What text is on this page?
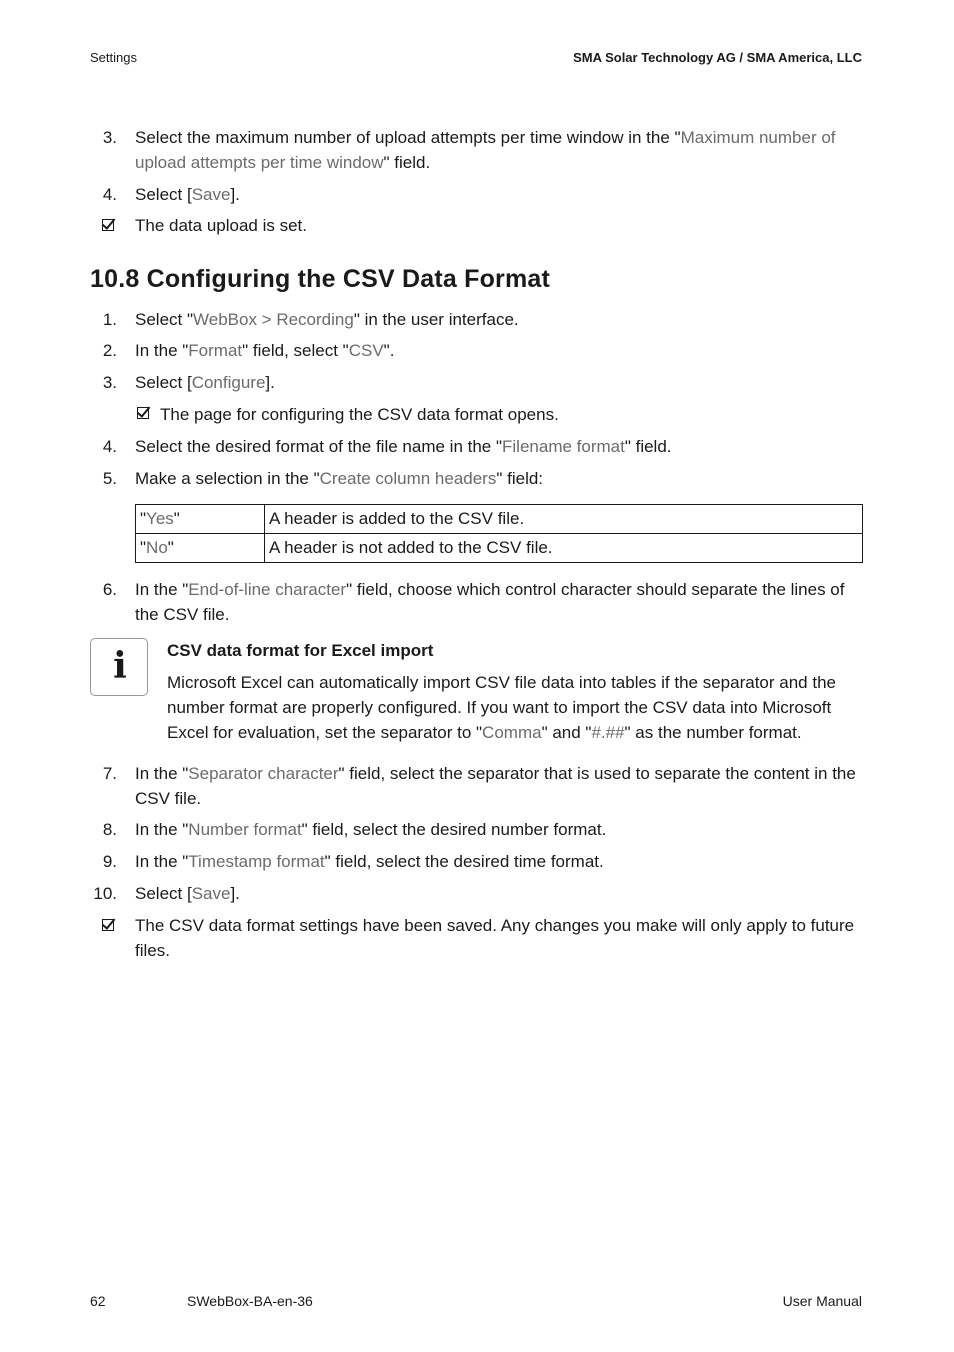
Settings	SMA Solar Technology AG / SMA America, LLC
3. Select the maximum number of upload attempts per time window in the "Maximum number of upload attempts per time window" field.
4. Select [Save].
The data upload is set.
10.8 Configuring the CSV Data Format
1. Select "WebBox > Recording" in the user interface.
2. In the "Format" field, select "CSV".
3. Select [Configure].
The page for configuring the CSV data format opens.
4. Select the desired format of the file name in the "Filename format" field.
5. Make a selection in the "Create column headers" field:
"Yes"	A header is added to the CSV file.
"No"	A header is not added to the CSV file.
6. In the "End-of-line character" field, choose which control character should separate the lines of the CSV file.
i	CSV data format for Excel import
Microsoft Excel can automatically import CSV file data into tables if the separator and the number format are properly configured. If you want to import the CSV data into Microsoft Excel for evaluation, set the separator to "Comma" and "#.##" as the number format.
7. In the "Separator character" field, select the separator that is used to separate the content in the CSV file.
8. In the "Number format" field, select the desired number format.
9. In the "Timestamp format" field, select the desired time format.
10. Select [Save].
The CSV data format settings have been saved. Any changes you make will only apply to future files.
62	SWebBox-BA-en-36	User Manual
